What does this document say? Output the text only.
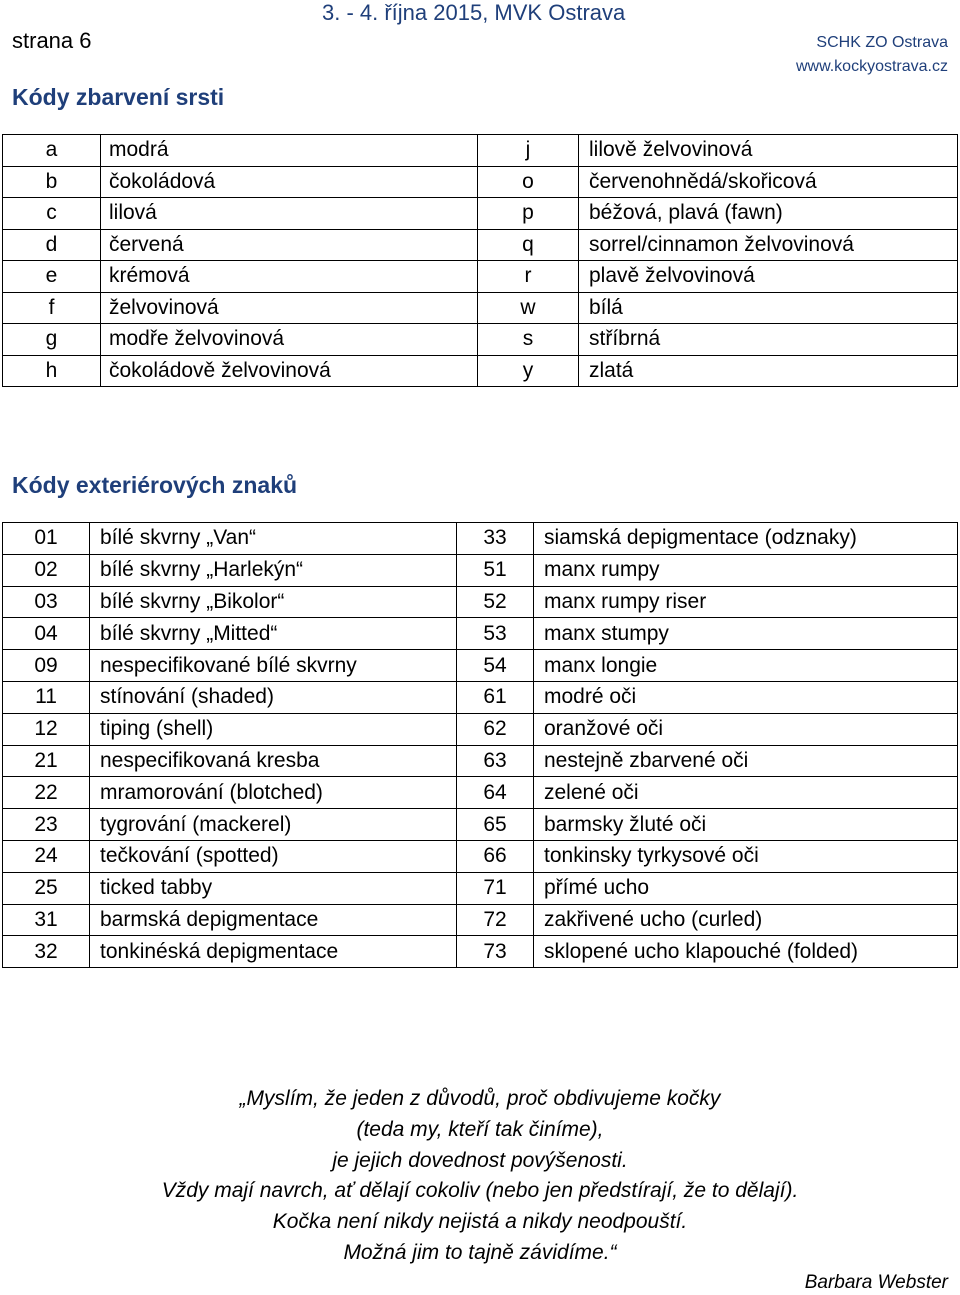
strana 6
3. - 4. října 2015, MVK Ostrava
SCHK ZO Ostrava
www.kockyostrava.cz
Kódy zbarvení srsti
a	modrá	j	lilově želvovinová
b	čokoládová	o	červenohnědá/skořicová
c	lilová	p	béžová, plavá (fawn)
d	červená	q	sorrel/cinnamon želvovinová
e	krémová	r	plavě želvovinová
f	želvovinová	w	bílá
g	modře želvovinová	s	stříbrná
h	čokoládově želvovinová	y	zlatá
Kódy exteriérových znaků
01	bílé skvrny „Van“	33	siamská depigmentace (odznaky)
02	bílé skvrny „Harlekýn“	51	manx rumpy
03	bílé skvrny „Bikolor“	52	manx rumpy riser
04	bílé skvrny „Mitted“	53	manx stumpy
09	nespecifikované bílé skvrny	54	manx longie
11	stínování (shaded)	61	modré oči
12	tiping (shell)	62	oranžové oči
21	nespecifikovaná kresba	63	nestejně zbarvené oči
22	mramorování (blotched)	64	zelené oči
23	tygrování (mackerel)	65	barmsky žluté oči
24	tečkování (spotted)	66	tonkinsky tyrkysové oči
25	ticked tabby	71	přímé ucho
31	barmská depigmentace	72	zakřivené ucho (curled)
32	tonkinéská depigmentace	73	sklopené ucho klapouché (folded)
„Myslím, že jeden z důvodů, proč obdivujeme kočky
(teda my, kteří tak činíme),
je jejich dovednost povýšenosti.
Vždy mají navrch, ať dělají cokoliv (nebo jen předstírají, že to dělají).
Kočka není nikdy nejistá a nikdy neodpouští.
Možná jim to tajně závidíme.“
Barbara Webster
